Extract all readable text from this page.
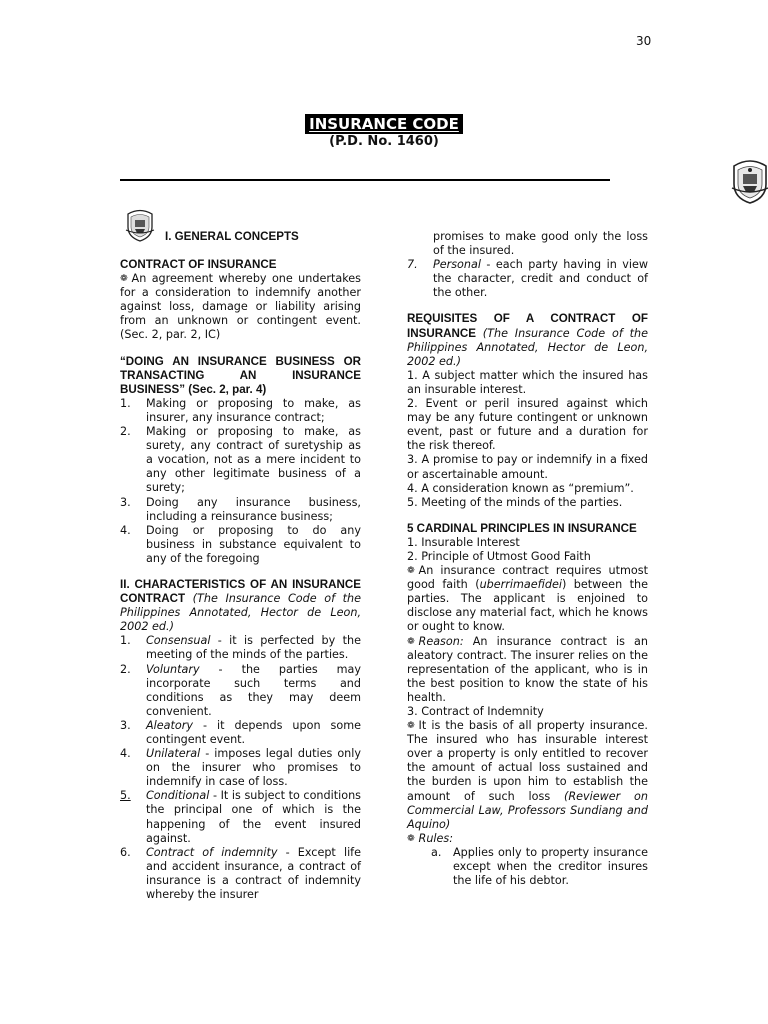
30
INSURANCE CODE
(P.D. No. 1460)
I. GENERAL CONCEPTS

CONTRACT OF INSURANCE

❁ An agreement whereby one undertakes for a consideration to indemnify another against loss, damage or liability arising from an unknown or contingent event. (Sec. 2, par. 2, IC)

“DOING AN INSURANCE BUSINESS OR TRANSACTING AN INSURANCE BUSINESS” (Sec. 2, par. 4)

1.	Making or proposing to make, as insurer, any insurance contract;
2.	Making or proposing to make, as surety, any contract of suretyship as a vocation, not as a mere incident to any other legitimate business of a surety;
3.	Doing any insurance business, including a reinsurance business;
4.	Doing or proposing to do any business in substance equivalent to any of the foregoing

II. CHARACTERISTICS OF AN INSURANCE CONTRACT (The Insurance Code of the Philippines Annotated, Hector de Leon, 2002 ed.)

1.	Consensual - it is perfected by the meeting of the minds of the parties.
2.	Voluntary - the parties may incorporate such terms and conditions as they may deem convenient.
3.	Aleatory - it depends upon some contingent event.
4.	Unilateral - imposes legal duties only on the insurer who promises to indemnify in case of loss.
5.	Conditional - It is subject to conditions the principal one of which is the happening of the event insured against.
6.	Contract of indemnity - Except life and accident insurance, a contract of insurance is a contract of indemnity whereby the insurer

promises to make good only the loss of the insured.

7.	Personal - each party having in view the character, credit and conduct of the other.

REQUISITES OF A CONTRACT OF INSURANCE (The Insurance Code of the Philippines Annotated, Hector de Leon, 2002 ed.)

1. A subject matter which the insured has an insurable interest.

2. Event or peril insured against which may be any future contingent or unknown event, past or future and a duration for the risk thereof.

3. A promise to pay or indemnify in a fixed or ascertainable amount.

4. A consideration known as “premium”.

5. Meeting of the minds of the parties.

5 CARDINAL PRINCIPLES IN INSURANCE

1. Insurable Interest

2. Principle of Utmost Good Faith

❁ An insurance contract requires utmost good faith (uberrimaefidei) between the parties. The applicant is enjoined to disclose any material fact, which he knows or ought to know.

❁ Reason: An insurance contract is an aleatory contract. The insurer relies on the representation of the applicant, who is in the best position to know the state of his health.

3. Contract of Indemnity

❁ It is the basis of all property insurance. The insured who has insurable interest over a property is only entitled to recover the amount of actual loss sustained and the burden is upon him to establish the amount of such loss (Reviewer on Commercial Law, Professors Sundiang and Aquino)

❁ Rules:

a.	Applies only to property insurance except when the creditor insures the life of his debtor.
